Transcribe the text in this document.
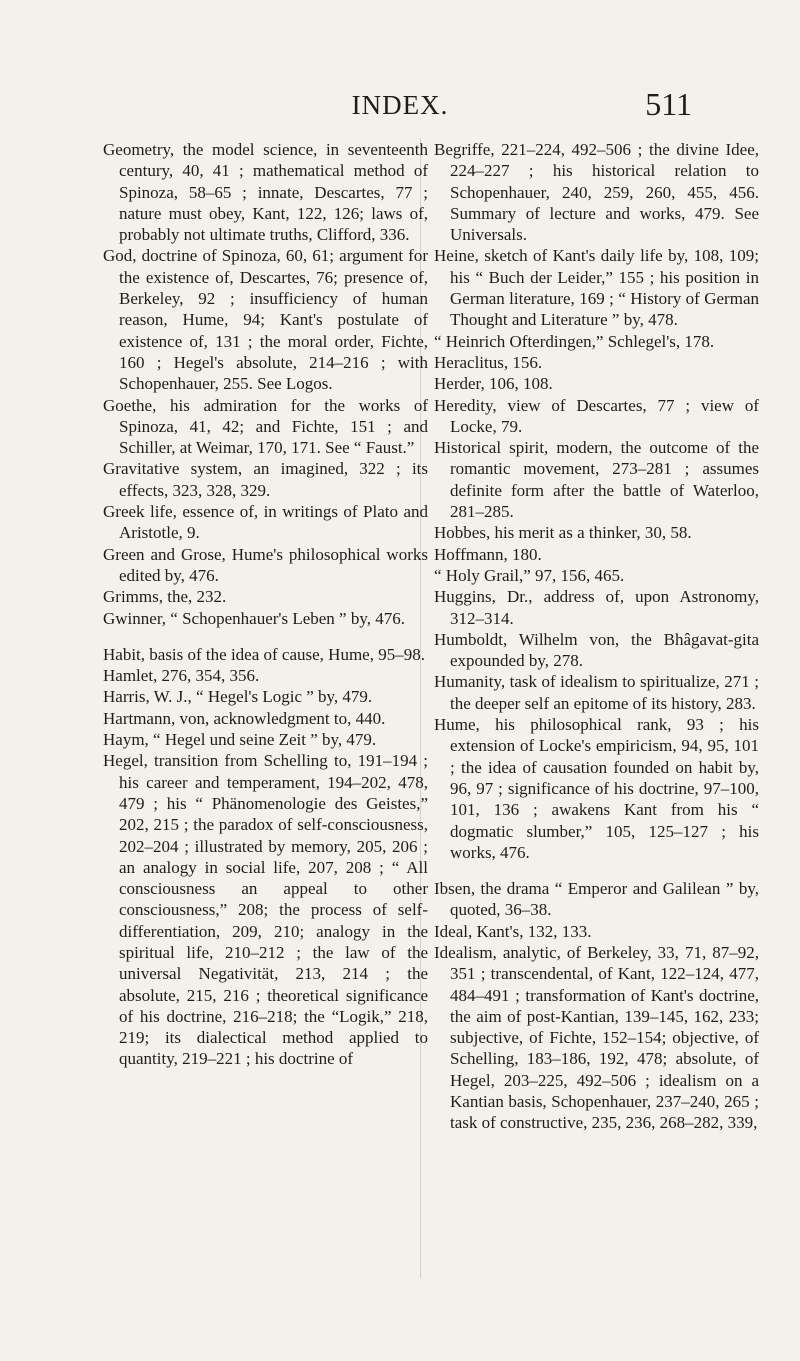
INDEX.	511
Geometry, the model science, in seventeenth century, 40, 41 ; mathematical method of Spinoza, 58–65 ; innate, Descartes, 77 ; nature must obey, Kant, 122, 126; laws of, probably not ultimate truths, Clifford, 336.
God, doctrine of Spinoza, 60, 61; argument for the existence of, Descartes, 76; presence of, Berkeley, 92 ; insufficiency of human reason, Hume, 94; Kant's postulate of existence of, 131 ; the moral order, Fichte, 160 ; Hegel's absolute, 214–216 ; with Schopenhauer, 255. See Logos.
Goethe, his admiration for the works of Spinoza, 41, 42; and Fichte, 151 ; and Schiller, at Weimar, 170, 171. See “ Faust.”
Gravitative system, an imagined, 322 ; its effects, 323, 328, 329.
Greek life, essence of, in writings of Plato and Aristotle, 9.
Green and Grose, Hume's philosophical works edited by, 476.
Grimms, the, 232.
Gwinner, “ Schopenhauer's Leben ” by, 476.
Habit, basis of the idea of cause, Hume, 95–98.
Hamlet, 276, 354, 356.
Harris, W. J., “ Hegel's Logic ” by, 479.
Hartmann, von, acknowledgment to, 440.
Haym, “ Hegel und seine Zeit ” by, 479.
Hegel, transition from Schelling to, 191–194 ; his career and temperament, 194–202, 478, 479 ; his “ Phänomenologie des Geistes,” 202, 215 ; the paradox of self-consciousness, 202–204 ; illustrated by memory, 205, 206 ; an analogy in social life, 207, 208 ; “ All consciousness an appeal to other consciousness,” 208; the process of self-differentiation, 209, 210; analogy in the spiritual life, 210–212 ; the law of the universal Negativität, 213, 214 ; the absolute, 215, 216 ; theoretical significance of his doctrine, 216–218; the “Logik,” 218, 219; its dialectical method applied to quantity, 219–221 ; his doctrine of
Begriffe, 221–224, 492–506 ; the divine Idee, 224–227 ; his historical relation to Schopenhauer, 240, 259, 260, 455, 456. Summary of lecture and works, 479. See Universals.
Heine, sketch of Kant's daily life by, 108, 109; his “ Buch der Leider,” 155 ; his position in German literature, 169 ; “ History of German Thought and Literature ” by, 478.
“ Heinrich Ofterdingen,” Schlegel's, 178.
Heraclitus, 156.
Herder, 106, 108.
Heredity, view of Descartes, 77 ; view of Locke, 79.
Historical spirit, modern, the outcome of the romantic movement, 273–281 ; assumes definite form after the battle of Waterloo, 281–285.
Hobbes, his merit as a thinker, 30, 58.
Hoffmann, 180.
“ Holy Grail,” 97, 156, 465.
Huggins, Dr., address of, upon Astronomy, 312–314.
Humboldt, Wilhelm von, the Bhâgavat-gita expounded by, 278.
Humanity, task of idealism to spiritualize, 271 ; the deeper self an epitome of its history, 283.
Hume, his philosophical rank, 93 ; his extension of Locke's empiricism, 94, 95, 101 ; the idea of causation founded on habit by, 96, 97 ; significance of his doctrine, 97–100, 101, 136 ; awakens Kant from his “ dogmatic slumber,” 105, 125–127 ; his works, 476.
Ibsen, the drama “ Emperor and Galilean ” by, quoted, 36–38.
Ideal, Kant's, 132, 133.
Idealism, analytic, of Berkeley, 33, 71, 87–92, 351 ; transcendental, of Kant, 122–124, 477, 484–491 ; transformation of Kant's doctrine, the aim of post-Kantian, 139–145, 162, 233; subjective, of Fichte, 152–154; objective, of Schelling, 183–186, 192, 478; absolute, of Hegel, 203–225, 492–506 ; idealism on a Kantian basis, Schopenhauer, 237–240, 265 ; task of constructive, 235, 236, 268–282, 339,
